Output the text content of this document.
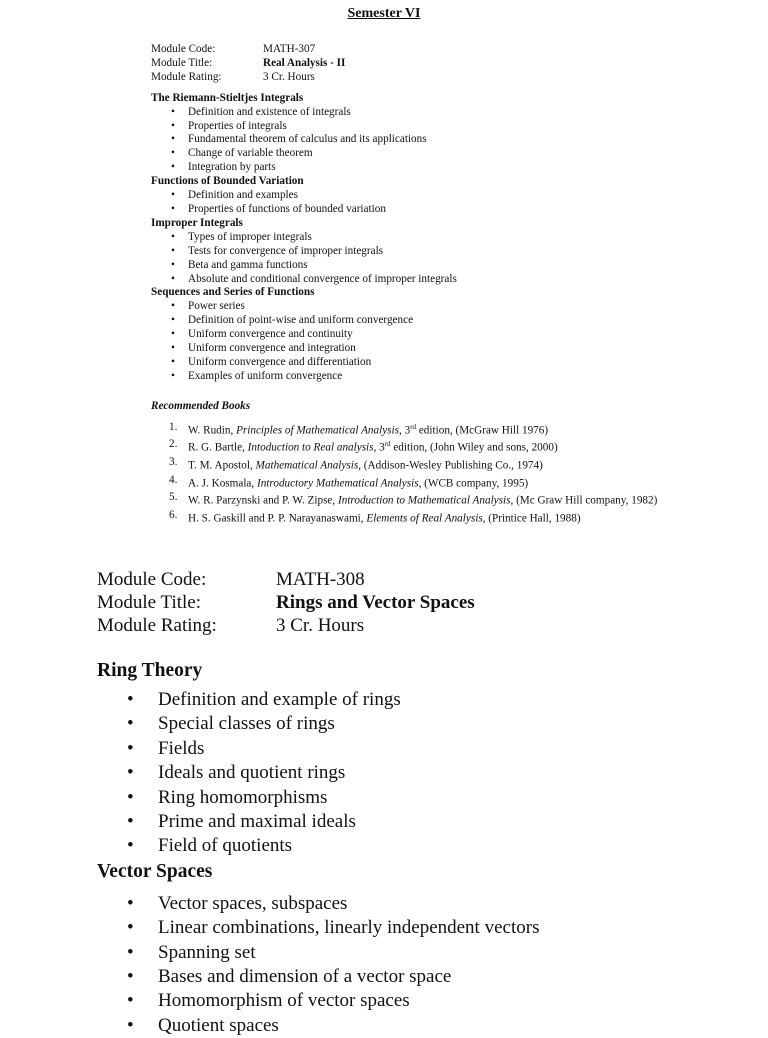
Semester VI
Module Code:	MATH-307
Module Title:	Real Analysis - II
Module Rating:	3 Cr. Hours
The Riemann-Stieltjes Integrals
• Definition and existence of integrals
• Properties of integrals
• Fundamental theorem of calculus and its applications
• Change of variable theorem
• Integration by parts
Functions of Bounded Variation
• Definition and examples
• Properties of functions of bounded variation
Improper Integrals
• Types of improper integrals
• Tests for convergence of improper integrals
• Beta and gamma functions
• Absolute and conditional convergence of improper integrals
Sequences and Series of Functions
• Power series
• Definition of point-wise and uniform convergence
• Uniform convergence and continuity
• Uniform convergence and integration
• Uniform convergence and differentiation
• Examples of uniform convergence
Recommended Books
1. W. Rudin, Principles of Mathematical Analysis, 3rd edition, (McGraw Hill 1976)
2. R. G. Bartle, Intoduction to Real analysis, 3rd edition, (John Wiley and sons, 2000)
3. T. M. Apostol, Mathematical Analysis, (Addison-Wesley Publishing Co., 1974)
4. A. J. Kosmala, Introductory Mathematical Analysis, (WCB company, 1995)
5. W. R. Parzynski and P. W. Zipse, Introduction to Mathematical Analysis, (Mc Graw Hill company, 1982)
6. H. S. Gaskill and P. P. Narayanaswami, Elements of Real Analysis, (Printice Hall, 1988)
Module Code:	MATH-308
Module Title:	Rings and Vector Spaces
Module Rating:	3 Cr. Hours
Ring Theory
• Definition and example of rings
• Special classes of rings
• Fields
• Ideals and quotient rings
• Ring homomorphisms
• Prime and maximal ideals
• Field of quotients
Vector Spaces
• Vector spaces, subspaces
• Linear combinations, linearly independent vectors
• Spanning set
• Bases and dimension of a vector space
• Homomorphism of vector spaces
• Quotient spaces
